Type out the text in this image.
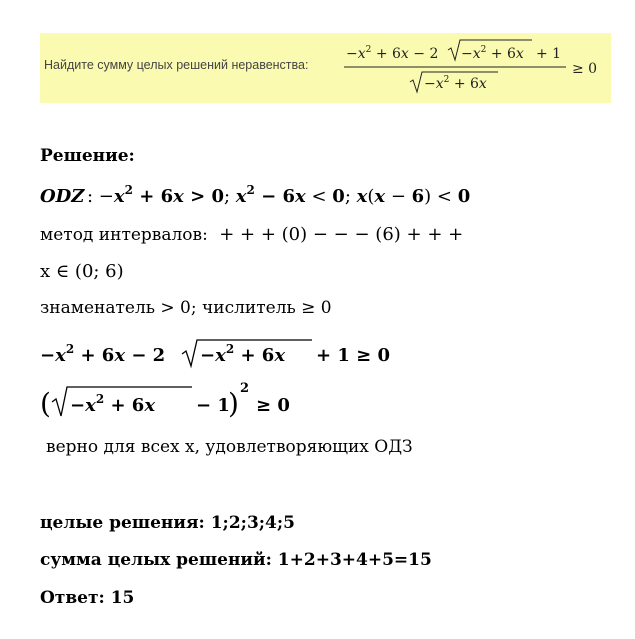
Найдите сумму целых решений неравенства:
$-x^2 + 6x - 2 -x^2 + 6x + 1$
$-x^2 + 6x$
≥ 0
Решение:
ODZ : $-x^2 + 6x > 0$; $x^2 - 6x < 0$; x(x − 6) < 0
метод интервалов: + + + (0) − − − (6) + + +
x ∈ (0; 6)
знаменатель > 0; числитель ≥ 0
$-x^2 + 6x - 2 -x^2 + 6x + 1 \ge 0$
( $-x^2 + 6x - 1$
) 2
≥ 0
верно для всех x, удовлетворяющих ОДЗ
целые решения: 1;2;3;4;5
сумма целых решений: 1+2+3+4+5=15
Ответ: 15
